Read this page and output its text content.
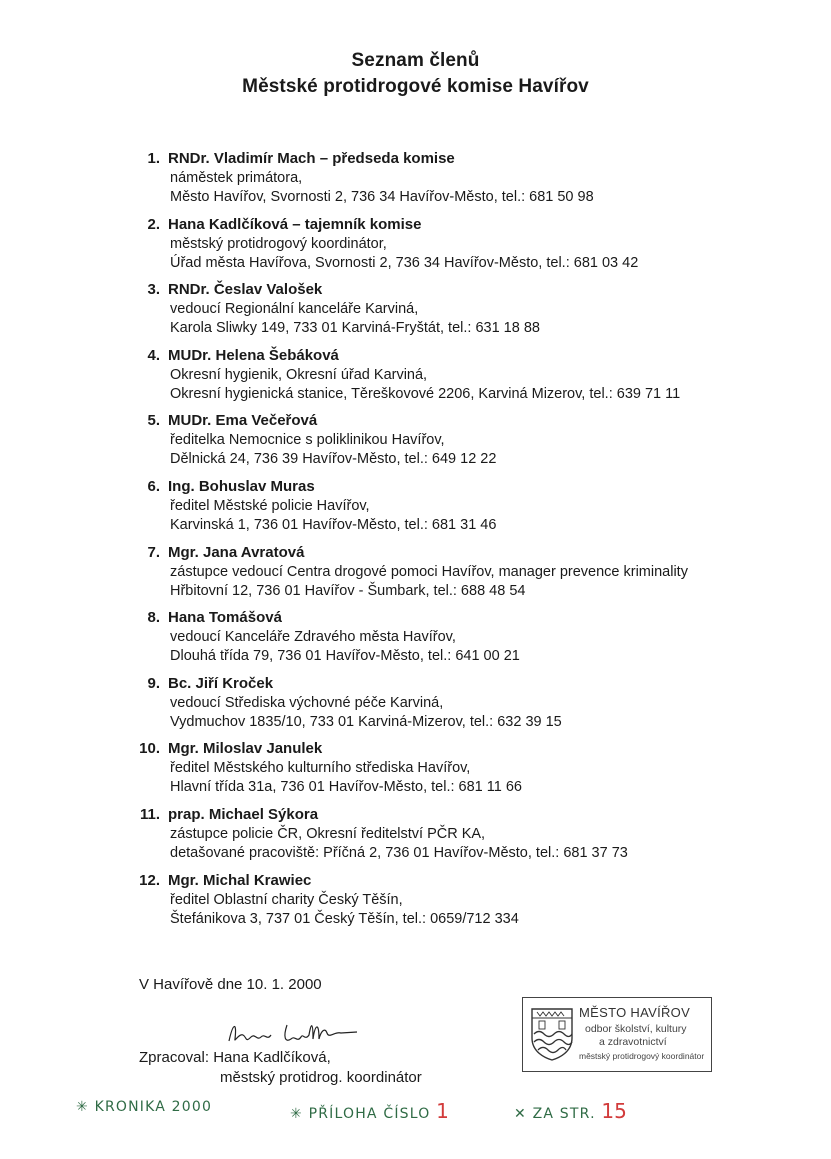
Seznam členů
Městské protidrogové komise Havířov
1. RNDr. Vladimír Mach – předseda komise
náměstek primátora,
Město Havířov, Svornosti 2, 736 34 Havířov-Město, tel.: 681 50 98
2. Hana Kadlčíková – tajemník komise
městský protidrogový koordinátor,
Úřad města Havířova, Svornosti 2, 736 34 Havířov-Město, tel.: 681 03 42
3. RNDr. Česlav Valošek
vedoucí Regionální kanceláře Karviná,
Karola Sliwky 149, 733 01 Karviná-Fryštát, tel.: 631 18 88
4. MUDr. Helena Šebáková
Okresní hygienik, Okresní úřad Karviná,
Okresní hygienická stanice, Těreškovové 2206, Karviná Mizerov, tel.: 639 71 11
5. MUDr. Ema Večeřová
ředitelka Nemocnice s poliklinikou Havířov,
Dělnická 24, 736 39 Havířov-Město, tel.: 649 12 22
6. Ing. Bohuslav Muras
ředitel Městské policie Havířov,
Karvinská 1, 736 01 Havířov-Město, tel.: 681 31 46
7. Mgr. Jana Avratová
zástupce vedoucí Centra drogové pomoci Havířov, manager prevence kriminality
Hřbitovní 12, 736 01 Havířov - Šumbark, tel.: 688 48 54
8. Hana Tomášová
vedoucí Kanceláře Zdravého města Havířov,
Dlouhá třída 79, 736 01 Havířov-Město, tel.: 641 00 21
9. Bc. Jiří Kroček
vedoucí Střediska výchovné péče Karviná,
Vydmuchov 1835/10, 733 01 Karviná-Mizerov, tel.: 632 39 15
10. Mgr. Miloslav Janulek
ředitel Městského kulturního střediska Havířov,
Hlavní třída 31a, 736 01 Havířov-Město, tel.: 681 11 66
11. prap. Michael Sýkora
zástupce policie ČR, Okresní ředitelství PČR KA,
detašované pracoviště: Příčná 2, 736 01 Havířov-Město, tel.: 681 37 73
12. Mgr. Michal Krawiec
ředitel Oblastní charity Český Těšín,
Štefánikova 3, 737 01 Český Těšín, tel.: 0659/712 334
V Havířově dne 10. 1. 2000
Zpracoval: Hana Kadlčíková,
městský protidrog. koordinátor
MĚSTO HAVÍŘOV
odbor školství, kultury
a zdravotnictví
městský protidrogový koordinátor
✳ KRONIKA 2000	✳ PŘÍLOHA ČÍSLO 1	✕ ZA STR. 15
